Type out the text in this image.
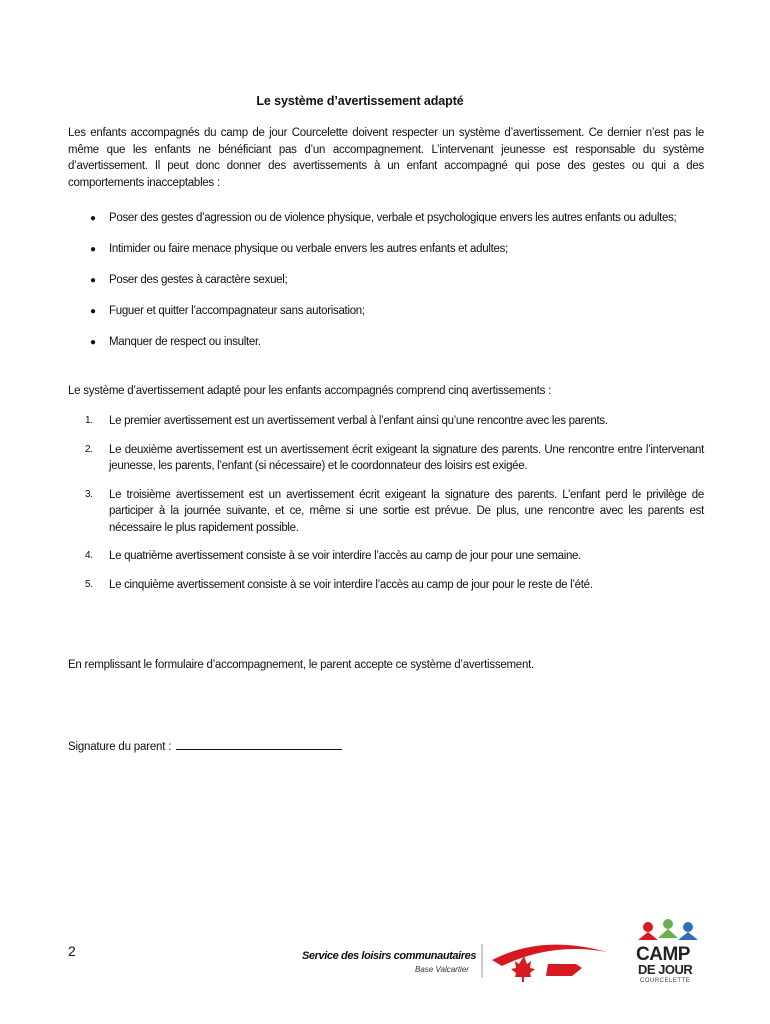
Le système d’avertissement adapté
Les enfants accompagnés du camp de jour Courcelette doivent respecter un système d’avertissement. Ce dernier n’est pas le même que les enfants ne bénéficiant pas d’un accompagnement. L’intervenant jeunesse est responsable du système d’avertissement. Il peut donc donner des avertissements à un enfant accompagné qui pose des gestes ou qui a des comportements inacceptables :
● Poser des gestes d’agression ou de violence physique, verbale et psychologique envers les autres enfants ou adultes;
● Intimider ou faire menace physique ou verbale envers les autres enfants et adultes;
● Poser des gestes à caractère sexuel;
● Fuguer et quitter l’accompagnateur sans autorisation;
● Manquer de respect ou insulter.
Le système d’avertissement adapté pour les enfants accompagnés comprend cinq avertissements :
1. Le premier avertissement est un avertissement verbal à l’enfant ainsi qu’une rencontre avec les parents.
2. Le deuxième avertissement est un avertissement écrit exigeant la signature des parents. Une rencontre entre l’intervenant jeunesse, les parents, l’enfant (si nécessaire) et le coordonnateur des loisirs est exigée.
3. Le troisième avertissement est un avertissement écrit exigeant la signature des parents. L’enfant perd le privilège de participer à la journée suivante, et ce, même si une sortie est prévue. De plus, une rencontre avec les parents est nécessaire le plus rapidement possible.
4. Le quatrième avertissement consiste à se voir interdire l’accès au camp de jour pour une semaine.
5. Le cinquième avertissement consiste à se voir interdire l’accès au camp de jour pour le reste de l’été.
En remplissant le formulaire d’accompagnement, le parent accepte ce système d’avertissement.
Signature du parent :
2	Service des loisirs communautaires
Base Valcartier
CAMP
DE JOUR
COURCELETTE
